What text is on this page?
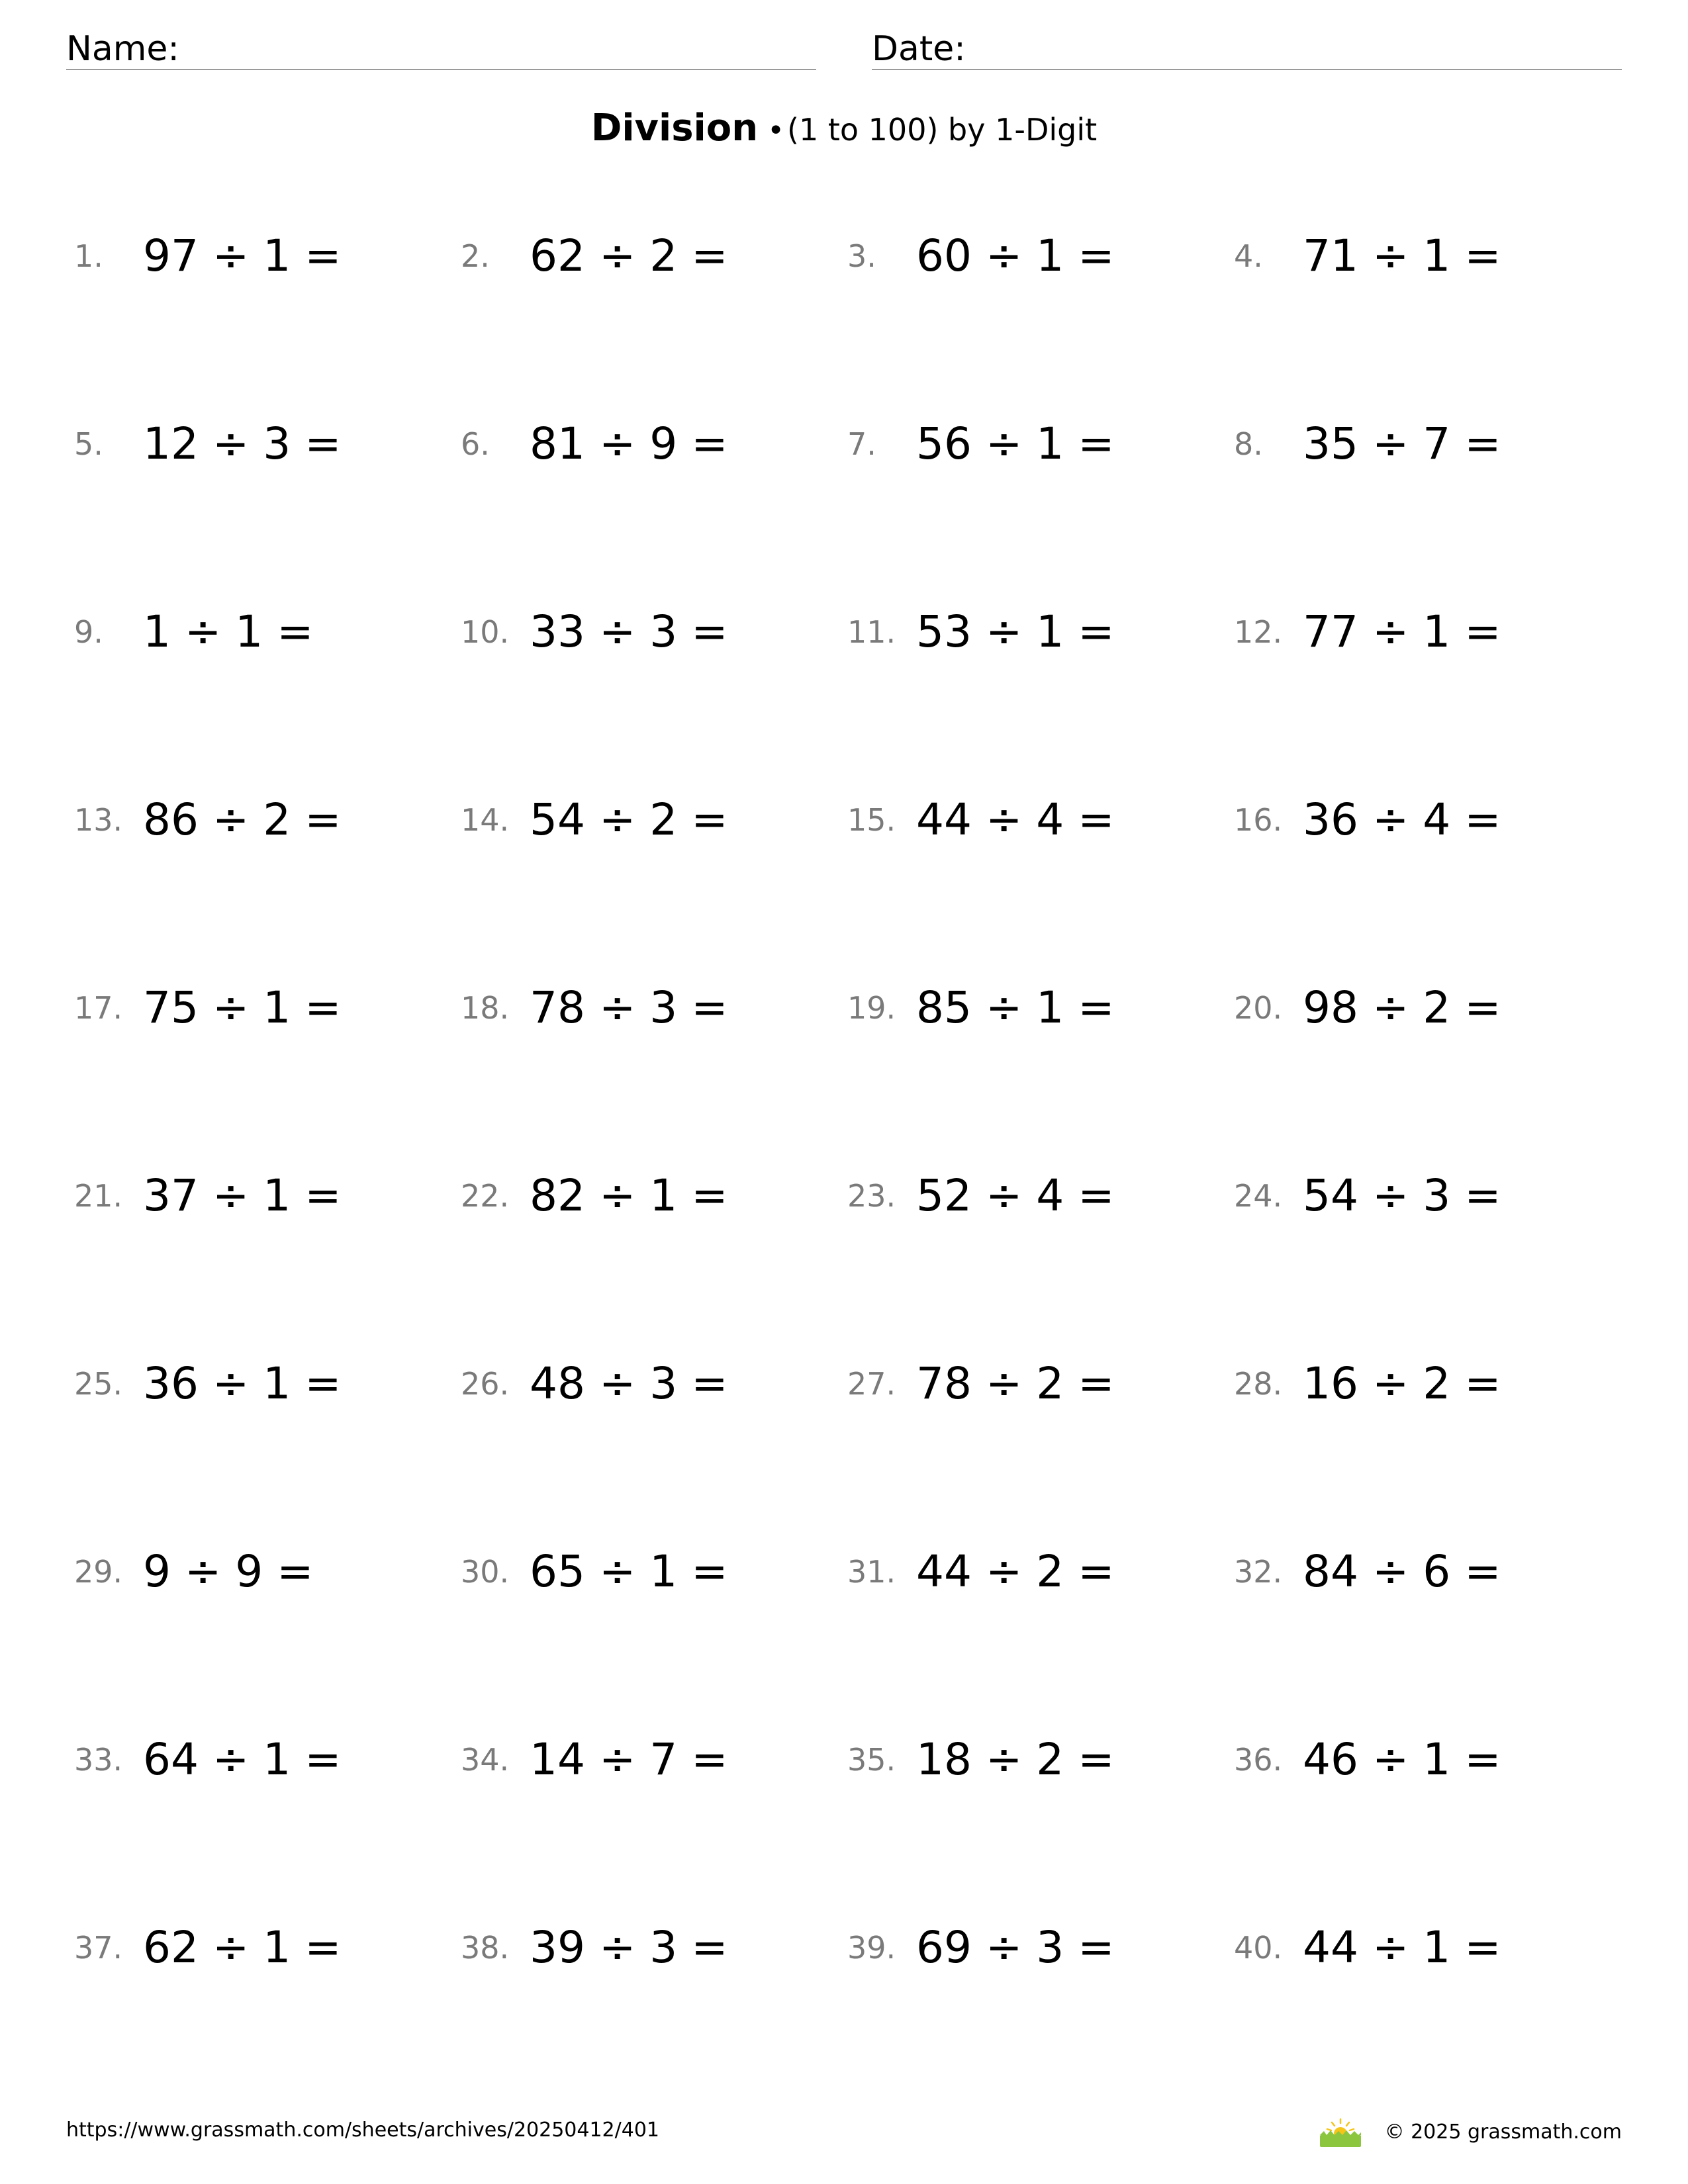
Name:	Date:
Division •(1 to 100) by 1-Digit
1. 97 ÷ 1 =	2. 62 ÷ 2 =	3. 60 ÷ 1 =	4. 71 ÷ 1 =
5. 12 ÷ 3 =	6. 81 ÷ 9 =	7. 56 ÷ 1 =	8. 35 ÷ 7 =
9. 1 ÷ 1 =	10. 33 ÷ 3 =	11. 53 ÷ 1 =	12. 77 ÷ 1 =
13. 86 ÷ 2 =	14. 54 ÷ 2 =	15. 44 ÷ 4 =	16. 36 ÷ 4 =
17. 75 ÷ 1 =	18. 78 ÷ 3 =	19. 85 ÷ 1 =	20. 98 ÷ 2 =
21. 37 ÷ 1 =	22. 82 ÷ 1 =	23. 52 ÷ 4 =	24. 54 ÷ 3 =
25. 36 ÷ 1 =	26. 48 ÷ 3 =	27. 78 ÷ 2 =	28. 16 ÷ 2 =
29. 9 ÷ 9 =	30. 65 ÷ 1 =	31. 44 ÷ 2 =	32. 84 ÷ 6 =
33. 64 ÷ 1 =	34. 14 ÷ 7 =	35. 18 ÷ 2 =	36. 46 ÷ 1 =
37. 62 ÷ 1 =	38. 39 ÷ 3 =	39. 69 ÷ 3 =	40. 44 ÷ 1 =
https://www.grassmath.com/sheets/archives/20250412/401	© 2025 grassmath.com
